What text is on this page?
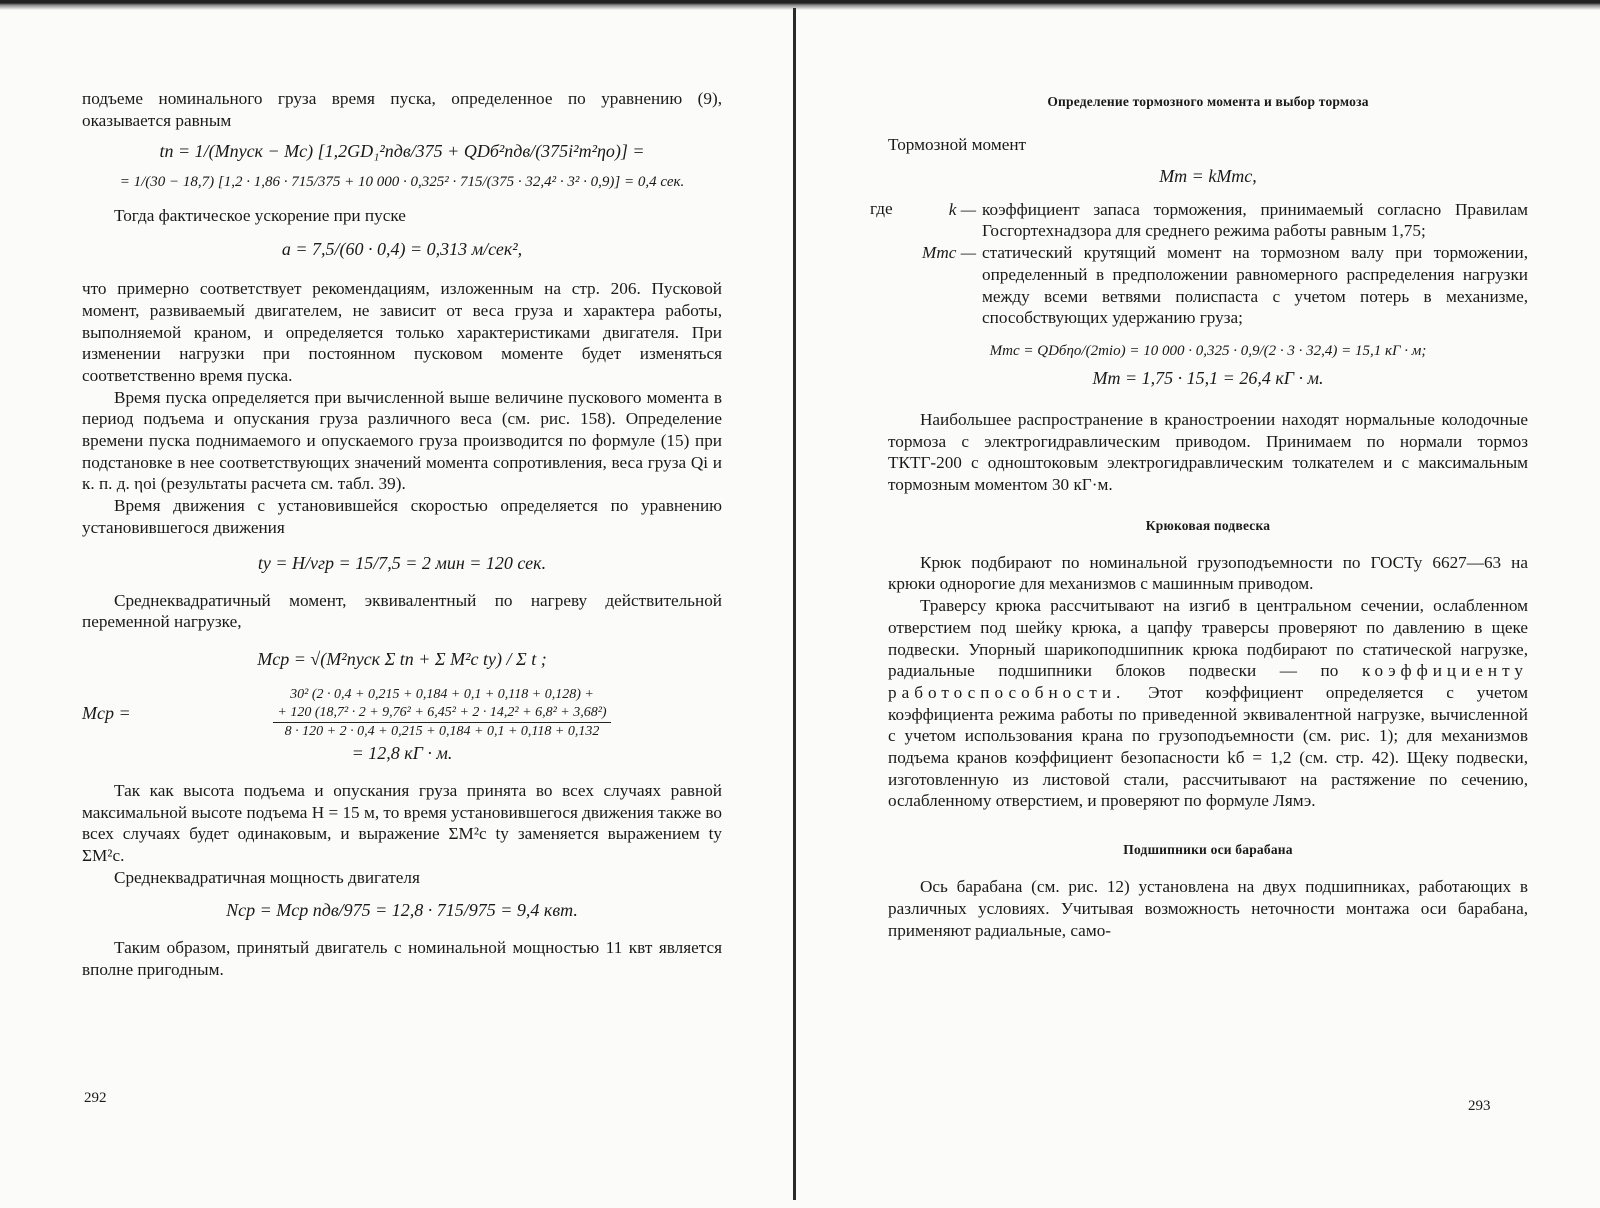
подъеме номинального груза время пуска, определенное по уравнению (9), оказывается равным

tп = 1/(Mпуск − Mc) [1,2GD₁²nдв/375 + QDб²nдв/(375i²m²ηo)] =
= 1/(30 − 18,7) [1,2 · 1,86 · 715/375 + 10 000 · 0,325² · 715/(375 · 32,4² · 3² · 0,9)] = 0,4 сек.

Тогда фактическое ускорение при пуске

a = 7,5/(60 · 0,4) = 0,313 м/сек²,

что примерно соответствует рекомендациям, изложенным на стр. 206. Пусковой момент, развиваемый двигателем, не зависит от веса груза и характера работы, выполняемой краном, и определяется только характеристиками двигателя. При изменении нагрузки при постоянном пусковом моменте будет изменяться соответственно время пуска.

Время пуска определяется при вычисленной выше величине пускового момента в период подъема и опускания груза различного веса (см. рис. 158). Определение времени пуска поднимаемого и опускаемого груза производится по формуле (15) при подстановке в нее соответствующих значений момента сопротивления, веса груза Qi и к. п. д. ηoi (результаты расчета см. табл. 39).

Время движения с установившейся скоростью определяется по уравнению установившегося движения

tу = H/vгр = 15/7,5 = 2 мин = 120 сек.

Среднеквадратичный момент, эквивалентный по нагреву действительной переменной нагрузке,

Mср = √(M²пуск Σ tп + Σ M²c tу) / Σ t ;
Mср =
30² (2 · 0,4 + 0,215 + 0,184 + 0,1 + 0,118 + 0,128) +
+ 120 (18,7² · 2 + 9,76² + 6,45² + 2 · 14,2² + 6,8² + 3,68²)
8 · 120 + 2 · 0,4 + 0,215 + 0,184 + 0,1 + 0,118 + 0,132
= 12,8 кГ · м.

Так как высота подъема и опускания груза принята во всех случаях равной максимальной высоте подъема H = 15 м, то время установившегося движения также во всех случаях будет одинаковым, и выражение ΣM²c tу заменяется выражением tу ΣM²c.

Среднеквадратичная мощность двигателя

Nср = Mср nдв/975 = 12,8 · 715/975 = 9,4 квт.

Таким образом, принятый двигатель с номинальной мощностью 11 квт является вполне пригодным.

292
Определение тормозного момента и выбор тормоза

Тормозной момент

Mт = kMтc,
где	k — коэффициент запаса торможения, принимаемый согласно Правилам Госгортехнадзора для среднего режима работы равным 1,75;
Mтc — статический крутящий момент на тормозном валу при торможении, определенный в предположении равномерного распределения нагрузки между всеми ветвями полиспаста с учетом потерь в механизме, способствующих удержанию груза;
Mтc = QDбηo/(2miо) = 10 000 · 0,325 · 0,9/(2 · 3 · 32,4) = 15,1 кГ · м;
Mт = 1,75 · 15,1 = 26,4 кГ · м.

Наибольшее распространение в краностроении находят нормальные колодочные тормоза с электрогидравлическим приводом. Принимаем по нормали тормоз ТКТГ-200 с одноштоковым электрогидравлическим толкателем и с максимальным тормозным моментом 30 кГ·м.

Крюковая подвеска

Крюк подбирают по номинальной грузоподъемности по ГОСТу 6627—63 на крюки однорогие для механизмов с машинным приводом.

Траверсу крюка рассчитывают на изгиб в центральном сечении, ослабленном отверстием под шейку крюка, а цапфу траверсы проверяют по давлению в щеке подвески. Упорный шарикоподшипник крюка подбирают по статической нагрузке, радиальные подшипники блоков подвески — по коэффициенту работоспособности. Этот коэффициент определяется с учетом коэффициента режима работы по приведенной эквивалентной нагрузке, вычисленной с учетом использования крана по грузоподъемности (см. рис. 1); для механизмов подъема кранов коэффициент безопасности kб = 1,2 (см. стр. 42). Щеку подвески, изготовленную из листовой стали, рассчитывают на растяжение по сечению, ослабленному отверстием, и проверяют по формуле Лямэ.

Подшипники оси барабана

Ось барабана (см. рис. 12) установлена на двух подшипниках, работающих в различных условиях. Учитывая возможность неточности монтажа оси барабана, применяют радиальные, само-

293
